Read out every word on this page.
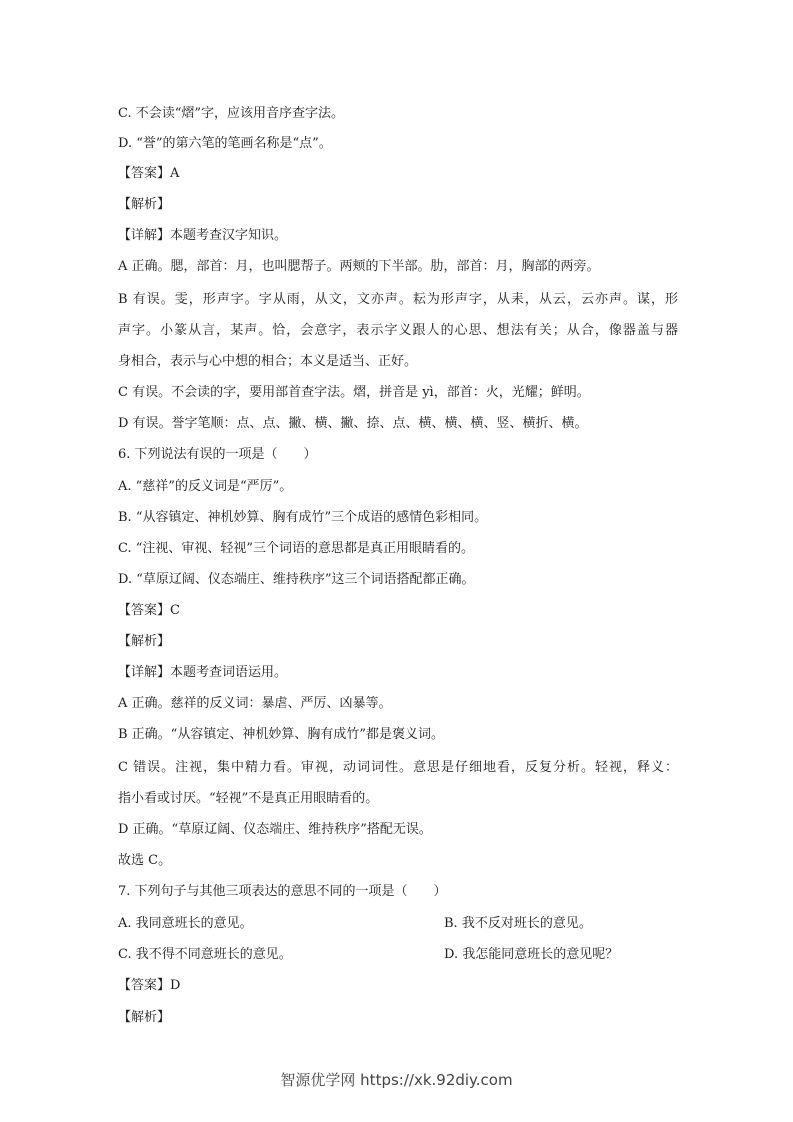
C. 不会读“熠”字，应该用音序查字法。
D. “誉”的第六笔的笔画名称是“点”。
【答案】A
【解析】
【详解】本题考查汉字知识。
A 正确。腮，部首：月，也叫腮帮子。两颊的下半部。肋，部首：月，胸部的两旁。
B 有误。雯，形声字。字从雨，从文，文亦声。耘为形声字，从耒，从云，云亦声。谋，形
声字。小篆从言，某声。恰，会意字，表示字义跟人的心思、想法有关；从合，像器盖与器
身相合，表示与心中想的相合；本义是适当、正好。
C 有误。不会读的字，要用部首查字法。熠，拼音是 yì，部首：火，光耀；鲜明。
D 有误。誉字笔顺：点、点、撇、横、撇、捺、点、横、横、横、竖、横折、横。
6. 下列说法有误的一项是（　　）
A. “慈祥”的反义词是“严厉”。
B. “从容镇定、神机妙算、胸有成竹”三个成语的感情色彩相同。
C. “注视、审视、轻视”三个词语的意思都是真正用眼睛看的。
D. “草原辽阔、仪态端庄、维持秩序”这三个词语搭配都正确。
【答案】C
【解析】
【详解】本题考查词语运用。
A 正确。慈祥的反义词：暴虐、严厉、凶暴等。
B 正确。“从容镇定、神机妙算、胸有成竹”都是褒义词。
C 错误。注视，集中精力看。审视，动词词性。意思是仔细地看，反复分析。轻视，释义：
指小看或讨厌。“轻视”不是真正用眼睛看的。
D 正确。“草原辽阔、仪态端庄、维持秩序”搭配无误。
故选 C。
7. 下列句子与其他三项表达的意思不同的一项是（　　）
A. 我同意班长的意见。	B. 我不反对班长的意见。
C. 我不得不同意班长的意见。	D. 我怎能同意班长的意见呢？
【答案】D
【解析】
智源优学网 https://xk.92diy.com
